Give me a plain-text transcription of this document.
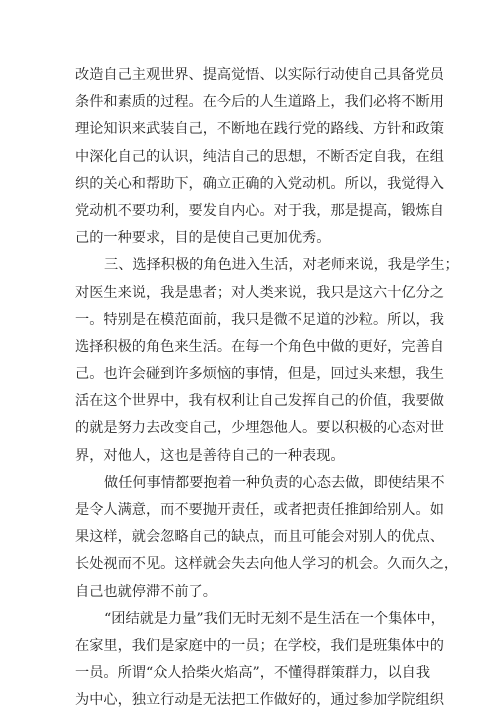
改造自己主观世界、提高觉悟、以实际行动使自己具备党员
条件和素质的过程。在今后的人生道路上，我们必将不断用
理论知识来武装自己，不断地在践行党的路线、方针和政策
中深化自己的认识，纯洁自己的思想，不断否定自我，在组
织的关心和帮助下，确立正确的入党动机。所以，我觉得入
党动机不要功利，要发自内心。对于我，那是提高，锻炼自
己的一种要求，目的是使自己更加优秀。
三、选择积极的角色进入生活，对老师来说，我是学生；
对医生来说，我是患者；对人类来说，我只是这六十亿分之
一。特别是在模范面前，我只是微不足道的沙粒。所以，我
选择积极的角色来生活。在每一个角色中做的更好，完善自
己。也许会碰到许多烦恼的事情，但是，回过头来想，我生
活在这个世界中，我有权利让自己发挥自己的价值，我要做
的就是努力去改变自己，少埋怨他人。要以积极的心态对世
界，对他人，这也是善待自己的一种表现。
做任何事情都要抱着一种负责的心态去做，即使结果不
是令人满意，而不要抛开责任，或者把责任推卸给别人。如
果这样，就会忽略自己的缺点，而且可能会对别人的优点、
长处视而不见。这样就会失去向他人学习的机会。久而久之，
自己也就停滞不前了。
“团结就是力量”我们无时无刻不是生活在一个集体中，
在家里，我们是家庭中的一员；在学校，我们是班集体中的
一员。所谓“众人拾柴火焰高”，不懂得群策群力，以自我
为中心，独立行动是无法把工作做好的，通过参加学院组织
